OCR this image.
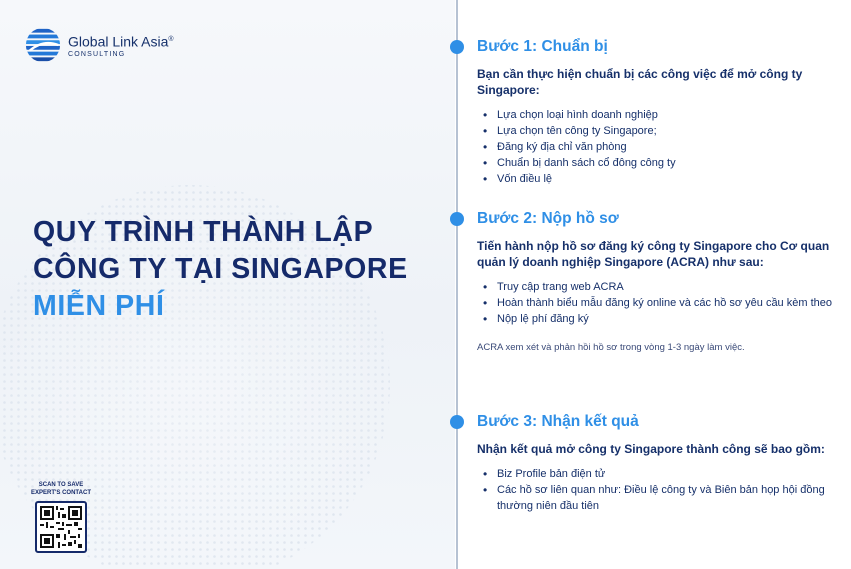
Global Link Asia®
CONSULTING
QUY TRÌNH THÀNH LẬP
CÔNG TY TẠI SINGAPORE
MIỄN PHÍ
SCAN TO SAVE
EXPERT'S CONTACT
Bước 1: Chuẩn bị
Bạn cần thực hiện chuẩn bị các công việc để mở công ty Singapore:
• Lựa chọn loại hình doanh nghiệp
• Lựa chọn tên công ty Singapore;
• Đăng ký địa chỉ văn phòng
• Chuẩn bị danh sách cổ đông công ty
• Vốn điều lệ
Bước 2: Nộp hồ sơ
Tiến hành nộp hồ sơ đăng ký công ty Singapore cho Cơ quan quản lý doanh nghiệp Singapore (ACRA) như sau:
• Truy cập trang web ACRA
• Hoàn thành biểu mẫu đăng ký online và các hồ sơ yêu cầu kèm theo
• Nộp lệ phí đăng ký
ACRA xem xét và phản hồi hồ sơ trong vòng 1-3 ngày làm việc.
Bước 3: Nhận kết quả
Nhận kết quả mở công ty Singapore thành công sẽ bao gồm:
• Biz Profile bản điện tử
• Các hồ sơ liên quan như: Điều lệ công ty và Biên bản họp hội đồng thường niên đầu tiên
